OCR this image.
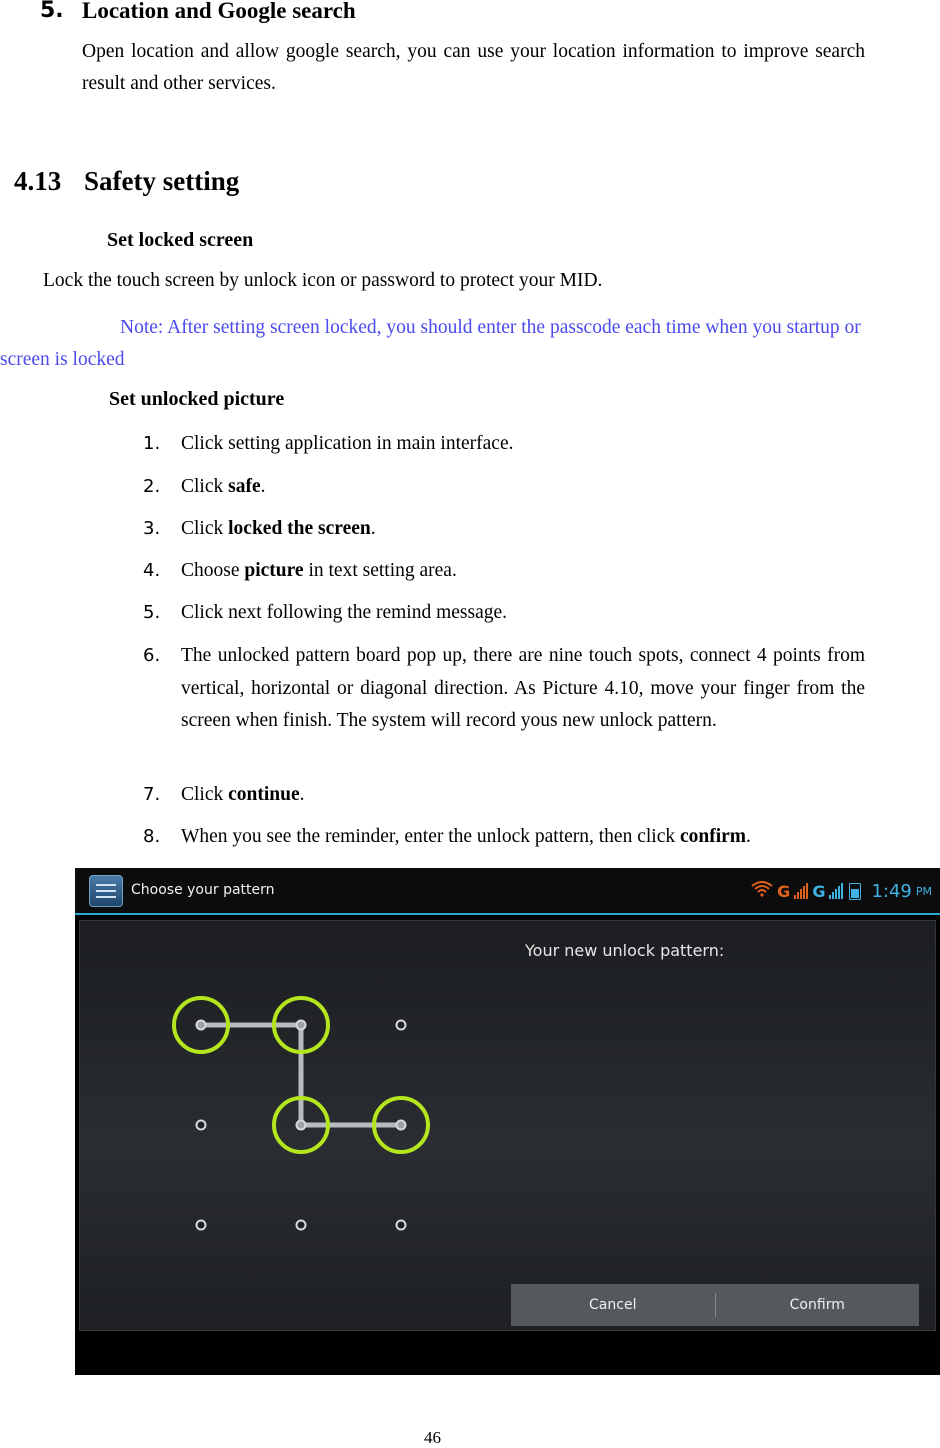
5. Location and Google search
Open location and allow google search, you can use your location information to improve search result and other services.
4.13 Safety setting
Set locked screen
Lock the touch screen by unlock icon or password to protect your MID.
Note: After setting screen locked, you should enter the passcode each time when you startup or screen is locked
Set unlocked picture
1. Click setting application in main interface.
2. Click safe.
3. Click locked the screen.
4. Choose picture in text setting area.
5. Click next following the remind message.
6. The unlocked pattern board pop up, there are nine touch spots, connect 4 points from vertical, horizontal or diagonal direction. As Picture 4.10, move your finger from the screen when finish. The system will record yous new unlock pattern.
7. Click continue.
8. When you see the reminder, enter the unlock pattern, then click confirm.
Choose your pattern	G G	1:49 PM
Your new unlock pattern:
Cancel	Confirm
46
